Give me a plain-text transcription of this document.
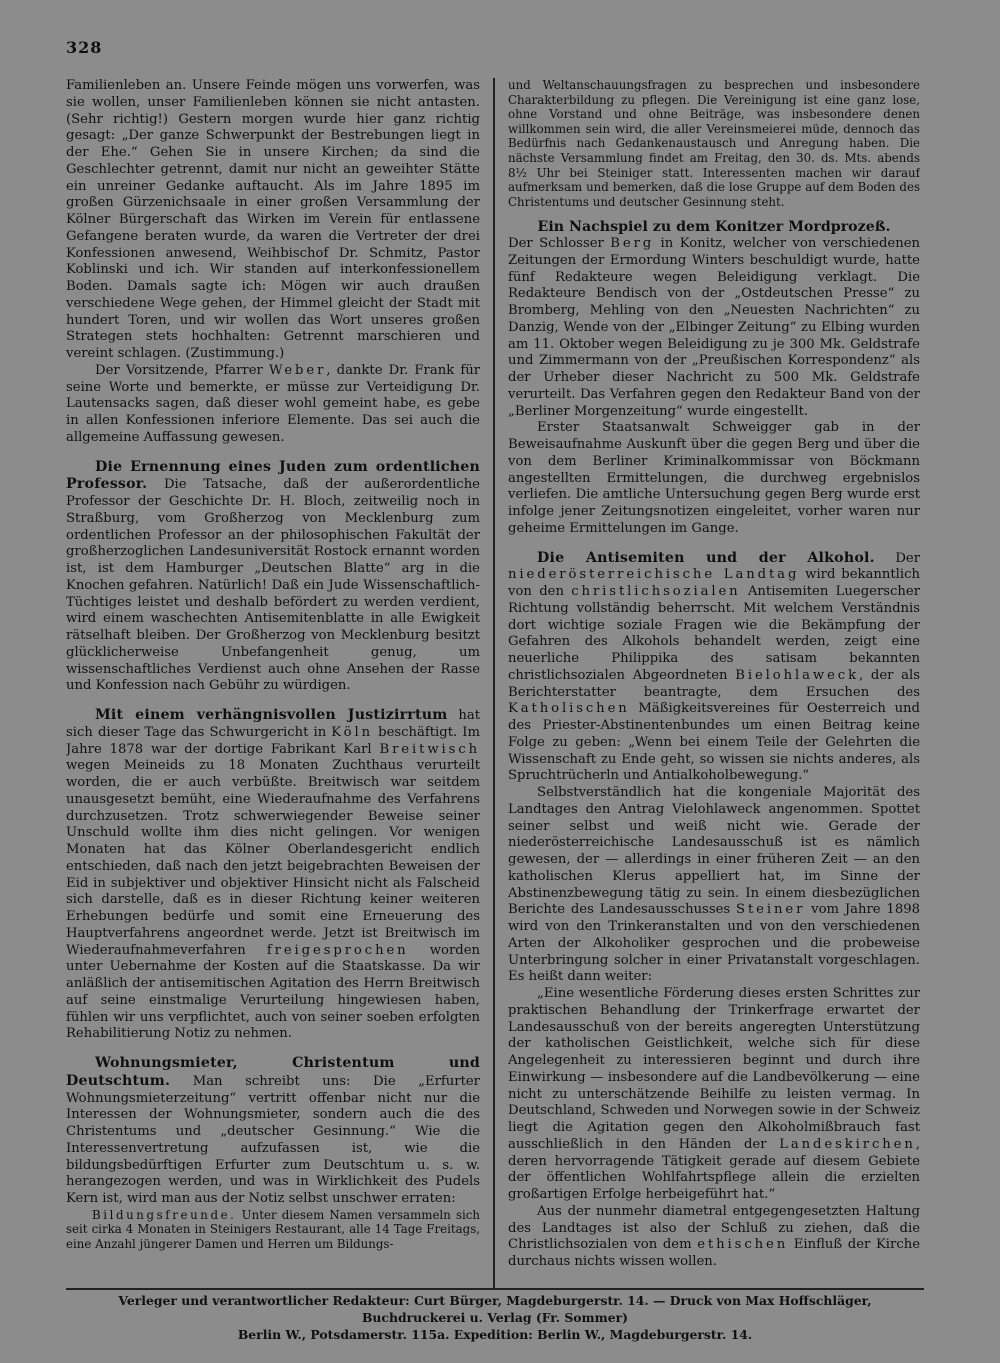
328

Familienleben an. Unsere Feinde mögen uns vorwerfen, was sie wollen, unser Familienleben können sie nicht antasten. (Sehr richtig!) Gestern morgen wurde hier ganz richtig gesagt: „Der ganze Schwerpunkt der Bestrebungen liegt in der Ehe.“ Gehen Sie in unsere Kirchen; da sind die Geschlechter getrennt, damit nur nicht an geweihter Stätte ein unreiner Gedanke auftaucht. Als im Jahre 1895 im großen Gürzenichsaale in einer großen Versammlung der Kölner Bürgerschaft das Wirken im Verein für entlassene Gefangene beraten wurde, da waren die Vertreter der drei Konfessionen anwesend, Weihbischof Dr. Schmitz, Pastor Koblinski und ich. Wir standen auf interkonfessionellem Boden. Damals sagte ich: Mögen wir auch draußen verschiedene Wege gehen, der Himmel gleicht der Stadt mit hundert Toren, und wir wollen das Wort unseres großen Strategen stets hochhalten: Getrennt marschieren und vereint schlagen. (Zustimmung.)

Der Vorsitzende, Pfarrer Weber, dankte Dr. Frank für seine Worte und bemerkte, er müsse zur Verteidigung Dr. Lautensacks sagen, daß dieser wohl gemeint habe, es gebe in allen Konfessionen inferiore Elemente. Das sei auch die allgemeine Auffassung gewesen.

Die Ernennung eines Juden zum ordentlichen Professor. Die Tatsache, daß der außerordentliche Professor der Geschichte Dr. H. Bloch, zeitweilig noch in Straßburg, vom Großherzog von Mecklenburg zum ordentlichen Professor an der philosophischen Fakultät der großherzoglichen Landesuniversität Rostock ernannt worden ist, ist dem Hamburger „Deutschen Blatte“ arg in die Knochen gefahren. Natürlich! Daß ein Jude Wissenschaftlich-Tüchtiges leistet und deshalb befördert zu werden verdient, wird einem waschechten Antisemitenblatte in alle Ewigkeit rätselhaft bleiben. Der Großherzog von Mecklenburg besitzt glücklicherweise Unbefangenheit genug, um wissenschaftliches Verdienst auch ohne Ansehen der Rasse und Konfession nach Gebühr zu würdigen.

Mit einem verhängnisvollen Justizirrtum hat sich dieser Tage das Schwurgericht in Köln beschäftigt. Im Jahre 1878 war der dortige Fabrikant Karl Breitwisch wegen Meineids zu 18 Monaten Zuchthaus verurteilt worden, die er auch verbüßte. Breitwisch war seitdem unausgesetzt bemüht, eine Wiederaufnahme des Verfahrens durchzusetzen. Trotz schwerwiegender Beweise seiner Unschuld wollte ihm dies nicht gelingen. Vor wenigen Monaten hat das Kölner Oberlandesgericht endlich entschieden, daß nach den jetzt beigebrachten Beweisen der Eid in subjektiver und objektiver Hinsicht nicht als Falscheid sich darstelle, daß es in dieser Richtung keiner weiteren Erhebungen bedürfe und somit eine Erneuerung des Hauptverfahrens angeordnet werde. Jetzt ist Breitwisch im Wiederaufnahmeverfahren freigesprochen worden unter Uebernahme der Kosten auf die Staatskasse. Da wir anläßlich der antisemitischen Agitation des Herrn Breitwisch auf seine einstmalige Verurteilung hingewiesen haben, fühlen wir uns verpflichtet, auch von seiner soeben erfolgten Rehabilitierung Notiz zu nehmen.

Wohnungsmieter, Christentum und Deutschtum. Man schreibt uns: Die „Erfurter Wohnungsmieterzeitung“ vertritt offenbar nicht nur die Interessen der Wohnungsmieter, sondern auch die des Christentums und „deutscher Gesinnung.“ Wie die Interessenvertretung aufzufassen ist, wie die bildungsbedürftigen Erfurter zum Deutschtum u. s. w. herangezogen werden, und was in Wirklichkeit des Pudels Kern ist, wird man aus der Notiz selbst unschwer erraten:

Bildungsfreunde. Unter diesem Namen versammeln sich seit cirka 4 Monaten in Steinigers Restaurant, alle 14 Tage Freitags, eine Anzahl jüngerer Damen und Herren um Bildungs-

und Weltanschauungsfragen zu besprechen und insbesondere Charakterbildung zu pflegen. Die Vereinigung ist eine ganz lose, ohne Vorstand und ohne Beiträge, was insbesondere denen willkommen sein wird, die aller Vereinsmeierei müde, dennoch das Bedürfnis nach Gedankenaustausch und Anregung haben. Die nächste Versammlung findet am Freitag, den 30. ds. Mts. abends 8½ Uhr bei Steiniger statt. Interessenten machen wir darauf aufmerksam und bemerken, daß die lose Gruppe auf dem Boden des Christentums und deutscher Gesinnung steht.

Ein Nachspiel zu dem Konitzer Mordprozeß.

Der Schlosser Berg in Konitz, welcher von verschiedenen Zeitungen der Ermordung Winters beschuldigt wurde, hatte fünf Redakteure wegen Beleidigung verklagt. Die Redakteure Bendisch von der „Ostdeutschen Presse“ zu Bromberg, Mehling von den „Neuesten Nachrichten“ zu Danzig, Wende von der „Elbinger Zeitung“ zu Elbing wurden am 11. Oktober wegen Beleidigung zu je 300 Mk. Geldstrafe und Zimmermann von der „Preußischen Korrespondenz“ als der Urheber dieser Nachricht zu 500 Mk. Geldstrafe verurteilt. Das Verfahren gegen den Redakteur Band von der „Berliner Morgenzeitung“ wurde eingestellt.

Erster Staatsanwalt Schweigger gab in der Beweisaufnahme Auskunft über die gegen Berg und über die von dem Berliner Kriminalkommissar von Böckmann angestellten Ermittelungen, die durchweg ergebnislos verliefen. Die amtliche Untersuchung gegen Berg wurde erst infolge jener Zeitungsnotizen eingeleitet, vorher waren nur geheime Ermittelungen im Gange.

Die Antisemiten und der Alkohol. Der niederösterreichische Landtag wird bekanntlich von den christlichsozialen Antisemiten Luegerscher Richtung vollständig beherrscht. Mit welchem Verständnis dort wichtige soziale Fragen wie die Bekämpfung der Gefahren des Alkohols behandelt werden, zeigt eine neuerliche Philippika des satisam bekannten christlichsozialen Abgeordneten Bielohlaweck, der als Berichterstatter beantragte, dem Ersuchen des Katholischen Mäßigkeitsvereines für Oesterreich und des Priester-Abstinentenbundes um einen Beitrag keine Folge zu geben: „Wenn bei einem Teile der Gelehrten die Wissenschaft zu Ende geht, so wissen sie nichts anderes, als Spruchtrücherln und Antialkoholbewegung.“

Selbstverständlich hat die kongeniale Majorität des Landtages den Antrag Vielohlaweck angenommen. Spottet seiner selbst und weiß nicht wie. Gerade der niederösterreichische Landesausschuß ist es nämlich gewesen, der — allerdings in einer früheren Zeit — an den katholischen Klerus appelliert hat, im Sinne der Abstinenzbewegung tätig zu sein. In einem diesbezüglichen Berichte des Landesausschusses Steiner vom Jahre 1898 wird von den Trinkeranstalten und von den verschiedenen Arten der Alkoholiker gesprochen und die probeweise Unterbringung solcher in einer Privatanstalt vorgeschlagen. Es heißt dann weiter:

„Eine wesentliche Förderung dieses ersten Schrittes zur praktischen Behandlung der Trinkerfrage erwartet der Landesausschuß von der bereits angeregten Unterstützung der katholischen Geistlichkeit, welche sich für diese Angelegenheit zu interessieren beginnt und durch ihre Einwirkung — insbesondere auf die Landbevölkerung — eine nicht zu unterschätzende Beihilfe zu leisten vermag. In Deutschland, Schweden und Norwegen sowie in der Schweiz liegt die Agitation gegen den Alkoholmißbrauch fast ausschließlich in den Händen der Landeskirchen, deren hervorragende Tätigkeit gerade auf diesem Gebiete der öffentlichen Wohlfahrtspflege allein die erzielten großartigen Erfolge herbeigeführt hat.“

Aus der nunmehr diametral entgegengesetzten Haltung des Landtages ist also der Schluß zu ziehen, daß die Christlichsozialen von dem ethischen Einfluß der Kirche durchaus nichts wissen wollen.

Verleger und verantwortlicher Redakteur: Curt Bürger, Magdeburgerstr. 14. — Druck von Max Hoffschläger, Buchdruckerei u. Verlag (Fr. Sommer)
Berlin W., Potsdamerstr. 115a. Expedition: Berlin W., Magdeburgerstr. 14.
